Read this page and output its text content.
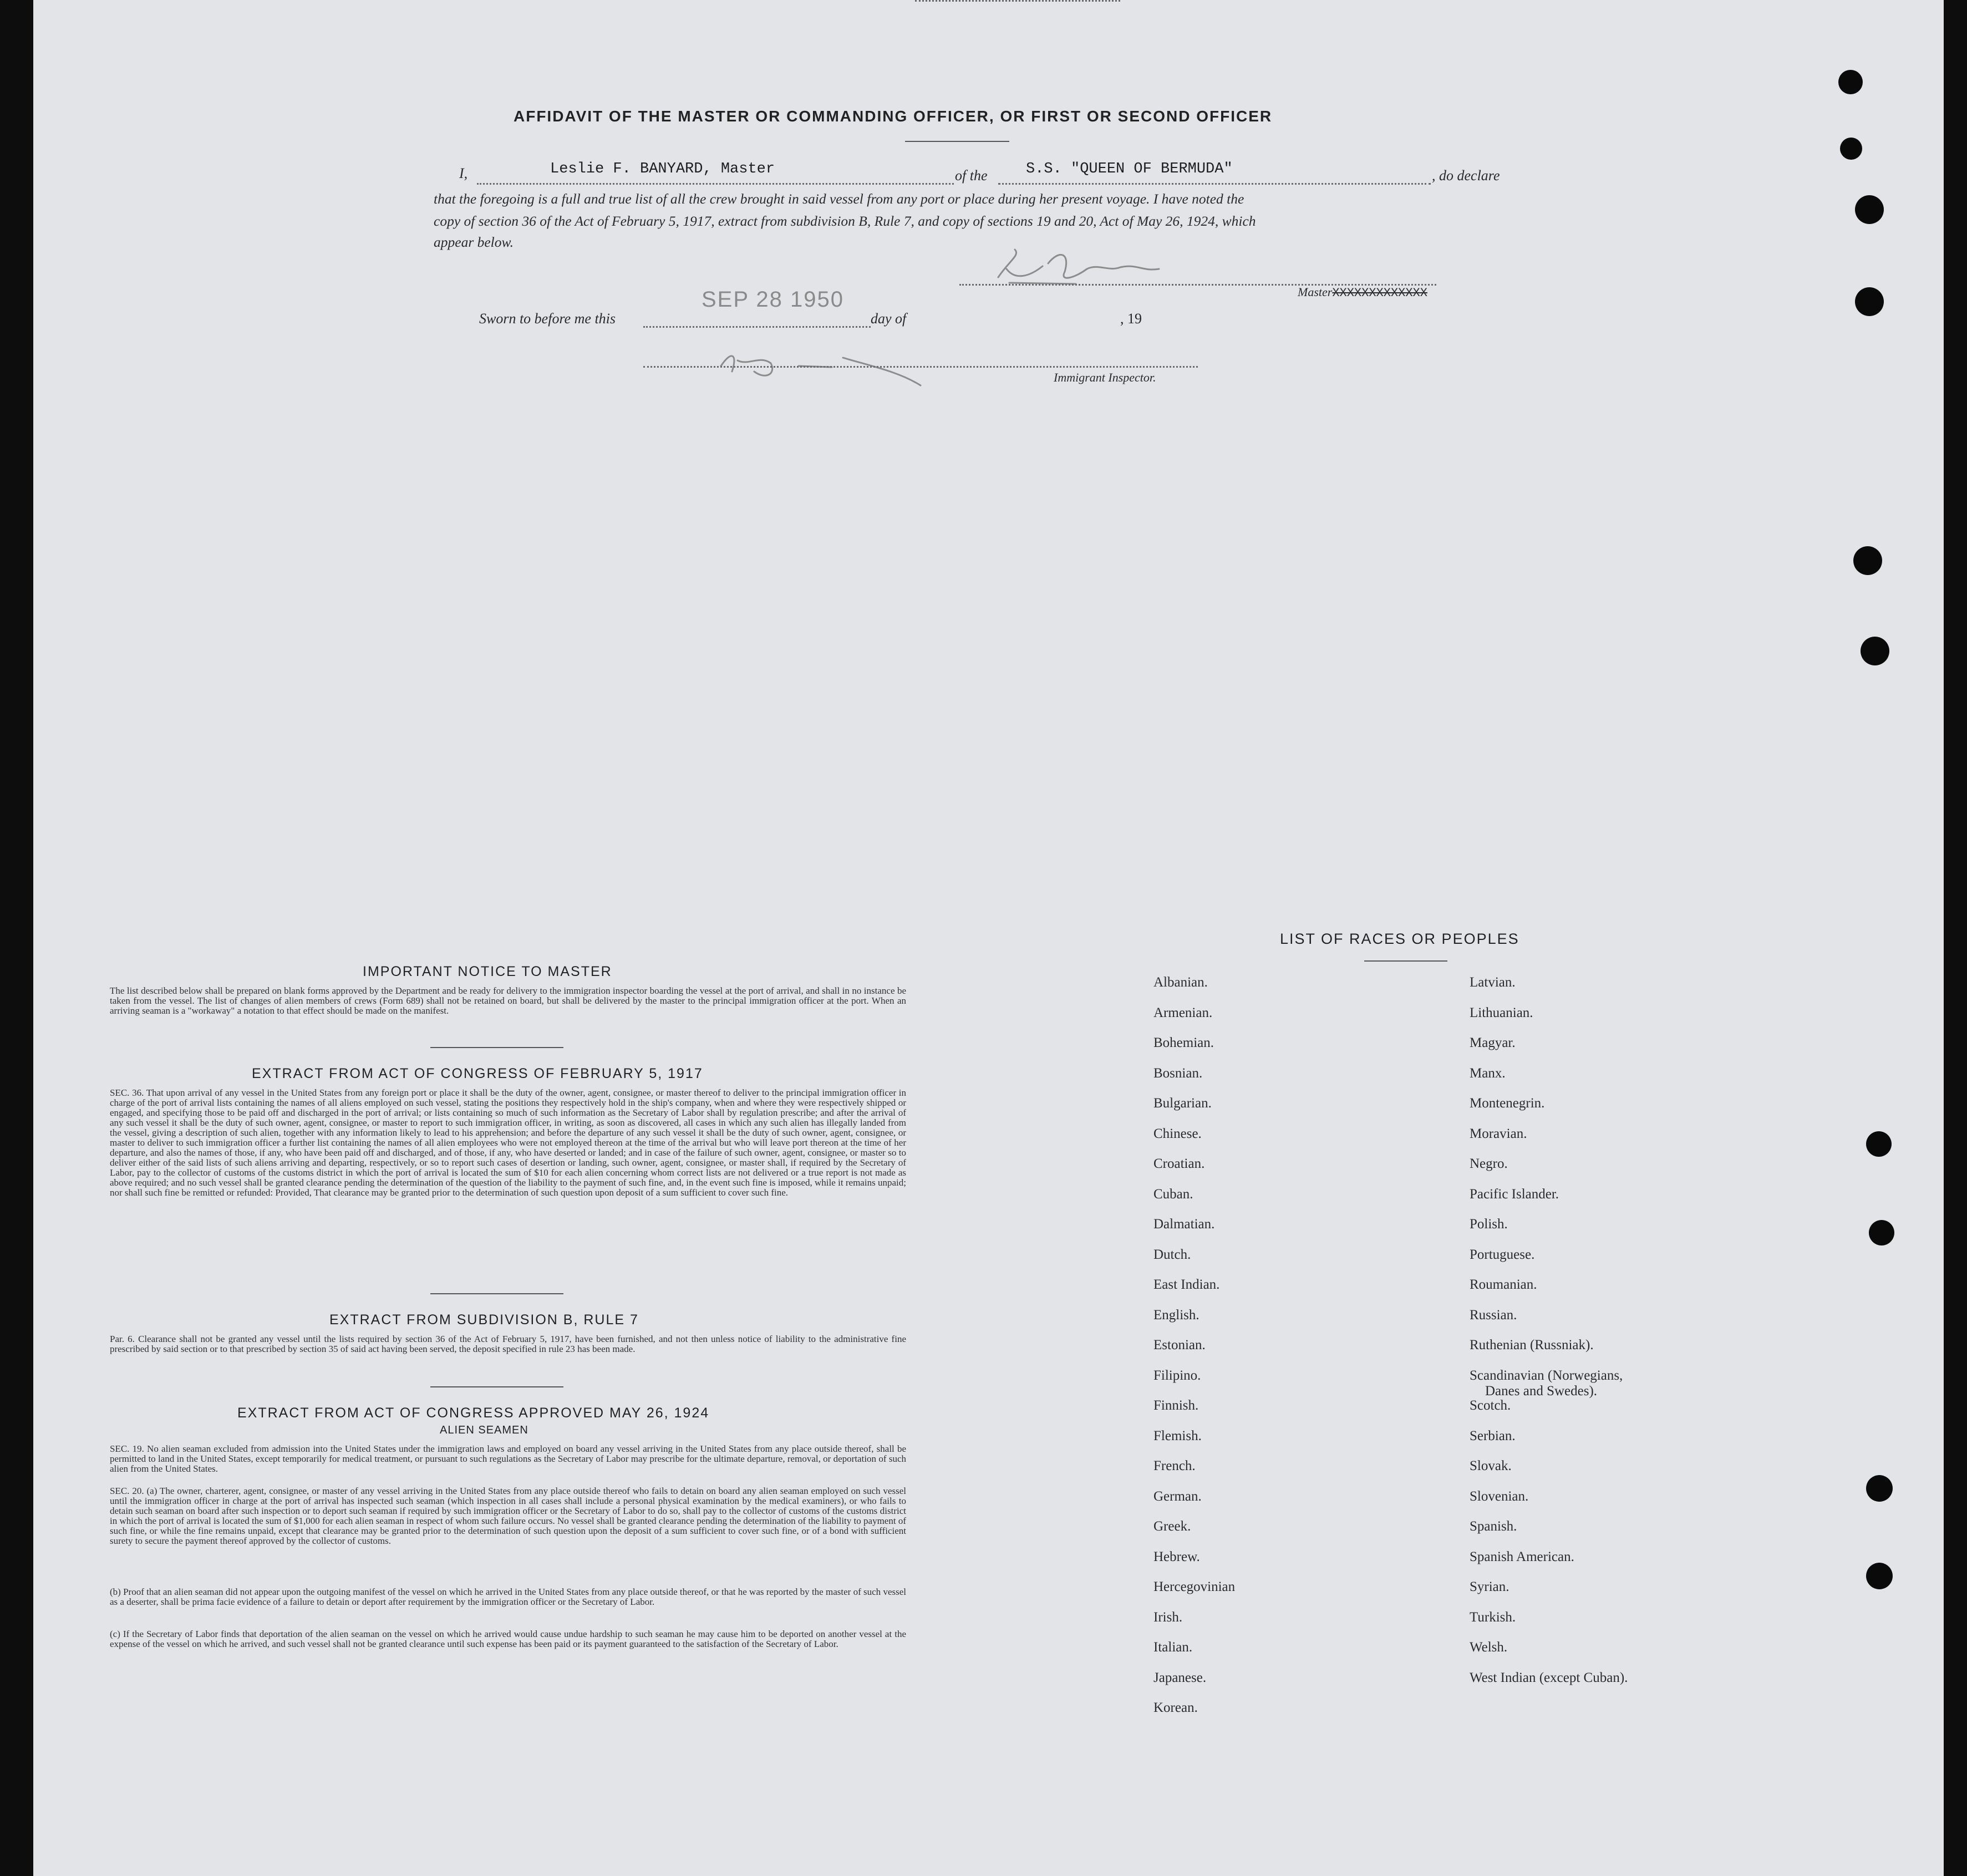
AFFIDAVIT OF THE MASTER OR COMMANDING OFFICER, OR FIRST OR SECOND OFFICER
I,	Leslie F. BANYARD, Master	of the	S.S. "QUEEN OF BERMUDA"	, do declare
that the foregoing is a full and true list of all the crew brought in said vessel from any port or place during her present voyage. I have noted the
copy of section 36 of the Act of February 5, 1917, extract from subdivision B, Rule 7, and copy of sections 19 and 20, Act of May 26, 1924, which
appear below.
MasterXXXXXXXXXXXXX
Sworn to before me this
SEP 28 1950
day of	, 19
Immigrant Inspector.
IMPORTANT NOTICE TO MASTER
The list described below shall be prepared on blank forms approved by the Department and be ready for delivery to the immigration inspector boarding the vessel at the port of arrival, and shall in no instance be taken from the vessel. The list of changes of alien members of crews (Form 689) shall not be retained on board, but shall be delivered by the master to the principal immigration officer at the port. When an arriving seaman is a "workaway" a notation to that effect should be made on the manifest.
EXTRACT FROM ACT OF CONGRESS OF FEBRUARY 5, 1917
SEC. 36. That upon arrival of any vessel in the United States from any foreign port or place it shall be the duty of the owner, agent, consignee, or master thereof to deliver to the principal immigration officer in charge of the port of arrival lists containing the names of all aliens employed on such vessel, stating the positions they respectively hold in the ship's company, when and where they were respectively shipped or engaged, and specifying those to be paid off and discharged in the port of arrival; or lists containing so much of such information as the Secretary of Labor shall by regulation prescribe; and after the arrival of any such vessel it shall be the duty of such owner, agent, consignee, or master to report to such immigration officer, in writing, as soon as discovered, all cases in which any such alien has illegally landed from the vessel, giving a description of such alien, together with any information likely to lead to his apprehension; and before the departure of any such vessel it shall be the duty of such owner, agent, consignee, or master to deliver to such immigration officer a further list containing the names of all alien employees who were not employed thereon at the time of the arrival but who will leave port thereon at the time of her departure, and also the names of those, if any, who have been paid off and discharged, and of those, if any, who have deserted or landed; and in case of the failure of such owner, agent, consignee, or master so to deliver either of the said lists of such aliens arriving and departing, respectively, or so to report such cases of desertion or landing, such owner, agent, consignee, or master shall, if required by the Secretary of Labor, pay to the collector of customs of the customs district in which the port of arrival is located the sum of $10 for each alien concerning whom correct lists are not delivered or a true report is not made as above required; and no such vessel shall be granted clearance pending the determination of the question of the liability to the payment of such fine, and, in the event such fine is imposed, while it remains unpaid; nor shall such fine be remitted or refunded: Provided, That clearance may be granted prior to the determination of such question upon deposit of a sum sufficient to cover such fine.
EXTRACT FROM SUBDIVISION B, RULE 7
Par. 6. Clearance shall not be granted any vessel until the lists required by section 36 of the Act of February 5, 1917, have been furnished, and not then unless notice of liability to the administrative fine prescribed by said section or to that prescribed by section 35 of said act having been served, the deposit specified in rule 23 has been made.
EXTRACT FROM ACT OF CONGRESS APPROVED MAY 26, 1924
ALIEN SEAMEN
SEC. 19. No alien seaman excluded from admission into the United States under the immigration laws and employed on board any vessel arriving in the United States from any place outside thereof, shall be permitted to land in the United States, except temporarily for medical treatment, or pursuant to such regulations as the Secretary of Labor may prescribe for the ultimate departure, removal, or deportation of such alien from the United States.
SEC. 20. (a) The owner, charterer, agent, consignee, or master of any vessel arriving in the United States from any place outside thereof who fails to detain on board any alien seaman employed on such vessel until the immigration officer in charge at the port of arrival has inspected such seaman (which inspection in all cases shall include a personal physical examination by the medical examiners), or who fails to detain such seaman on board after such inspection or to deport such seaman if required by such immigration officer or the Secretary of Labor to do so, shall pay to the collector of customs of the customs district in which the port of arrival is located the sum of $1,000 for each alien seaman in respect of whom such failure occurs. No vessel shall be granted clearance pending the determination of the liability to payment of such fine, or while the fine remains unpaid, except that clearance may be granted prior to the determination of such question upon the deposit of a sum sufficient to cover such fine, or of a bond with sufficient surety to secure the payment thereof approved by the collector of customs.
(b) Proof that an alien seaman did not appear upon the outgoing manifest of the vessel on which he arrived in the United States from any place outside thereof, or that he was reported by the master of such vessel as a deserter, shall be prima facie evidence of a failure to detain or deport after requirement by the immigration officer or the Secretary of Labor.
(c) If the Secretary of Labor finds that deportation of the alien seaman on the vessel on which he arrived would cause undue hardship to such seaman he may cause him to be deported on another vessel at the expense of the vessel on which he arrived, and such vessel shall not be granted clearance until such expense has been paid or its payment guaranteed to the satisfaction of the Secretary of Labor.
LIST OF RACES OR PEOPLES
Albanian.
Armenian.
Bohemian.
Bosnian.
Bulgarian.
Chinese.
Croatian.
Cuban.
Dalmatian.
Dutch.
East Indian.
English.
Estonian.
Filipino.
Finnish.
Flemish.
French.
German.
Greek.
Hebrew.
Hercegovinian
Irish.
Italian.
Japanese.
Korean.
Latvian.
Lithuanian.
Magyar.
Manx.
Montenegrin.
Moravian.
Negro.
Pacific Islander.
Polish.
Portuguese.
Roumanian.
Russian.
Ruthenian (Russniak).
Scandinavian (Norwegians,
Danes and Swedes).
Scotch.
Serbian.
Slovak.
Slovenian.
Spanish.
Spanish American.
Syrian.
Turkish.
Welsh.
West Indian (except Cuban).
